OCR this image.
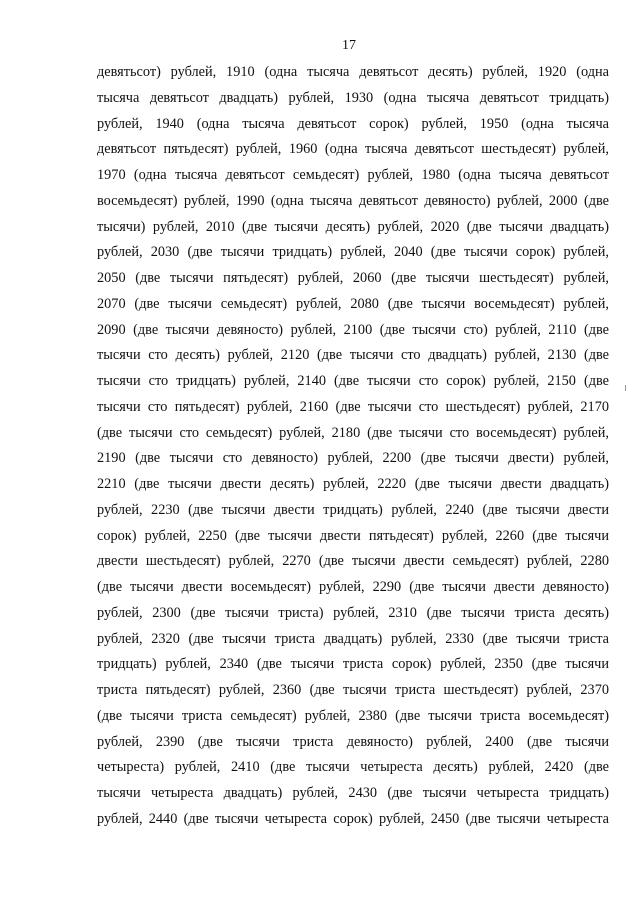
17
девятьсот) рублей, 1910 (одна тысяча девятьсот десять) рублей, 1920 (одна
тысяча девятьсот двадцать) рублей, 1930 (одна тысяча девятьсот тридцать)
рублей, 1940 (одна тысяча девятьсот сорок) рублей, 1950 (одна тысяча
девятьсот пятьдесят) рублей, 1960 (одна тысяча девятьсот шестьдесят) рублей,
1970 (одна тысяча девятьсот семьдесят) рублей, 1980 (одна тысяча девятьсот
восемьдесят) рублей, 1990 (одна тысяча девятьсот девяносто) рублей, 2000 (две
тысячи) рублей, 2010 (две тысячи десять) рублей, 2020 (две тысячи двадцать)
рублей, 2030 (две тысячи тридцать) рублей, 2040 (две тысячи сорок) рублей,
2050 (две тысячи пятьдесят) рублей, 2060 (две тысячи шестьдесят) рублей,
2070 (две тысячи семьдесят) рублей, 2080 (две тысячи восемьдесят) рублей,
2090 (две тысячи девяносто) рублей, 2100 (две тысячи сто) рублей, 2110 (две
тысячи сто десять) рублей, 2120 (две тысячи сто двадцать) рублей, 2130 (две
тысячи сто тридцать) рублей, 2140 (две тысячи сто сорок) рублей, 2150 (две
тысячи сто пятьдесят) рублей, 2160 (две тысячи сто шестьдесят) рублей, 2170
(две тысячи сто семьдесят) рублей, 2180 (две тысячи сто восемьдесят) рублей,
2190 (две тысячи сто девяносто) рублей, 2200 (две тысячи двести) рублей,
2210 (две тысячи двести десять) рублей, 2220 (две тысячи двести двадцать)
рублей, 2230 (две тысячи двести тридцать) рублей, 2240 (две тысячи двести
сорок) рублей, 2250 (две тысячи двести пятьдесят) рублей, 2260 (две тысячи
двести шестьдесят) рублей, 2270 (две тысячи двести семьдесят) рублей, 2280
(две тысячи двести восемьдесят) рублей, 2290 (две тысячи двести девяносто)
рублей, 2300 (две тысячи триста) рублей, 2310 (две тысячи триста десять)
рублей, 2320 (две тысячи триста двадцать) рублей, 2330 (две тысячи триста
тридцать) рублей, 2340 (две тысячи триста сорок) рублей, 2350 (две тысячи
триста пятьдесят) рублей, 2360 (две тысячи триста шестьдесят) рублей, 2370
(две тысячи триста семьдесят) рублей, 2380 (две тысячи триста восемьдесят)
рублей, 2390 (две тысячи триста девяносто) рублей, 2400 (две тысячи
четыреста) рублей, 2410 (две тысячи четыреста десять) рублей, 2420 (две
тысячи четыреста двадцать) рублей, 2430 (две тысячи четыреста тридцать)
рублей, 2440 (две тысячи четыреста сорок) рублей, 2450 (две тысячи четыреста
